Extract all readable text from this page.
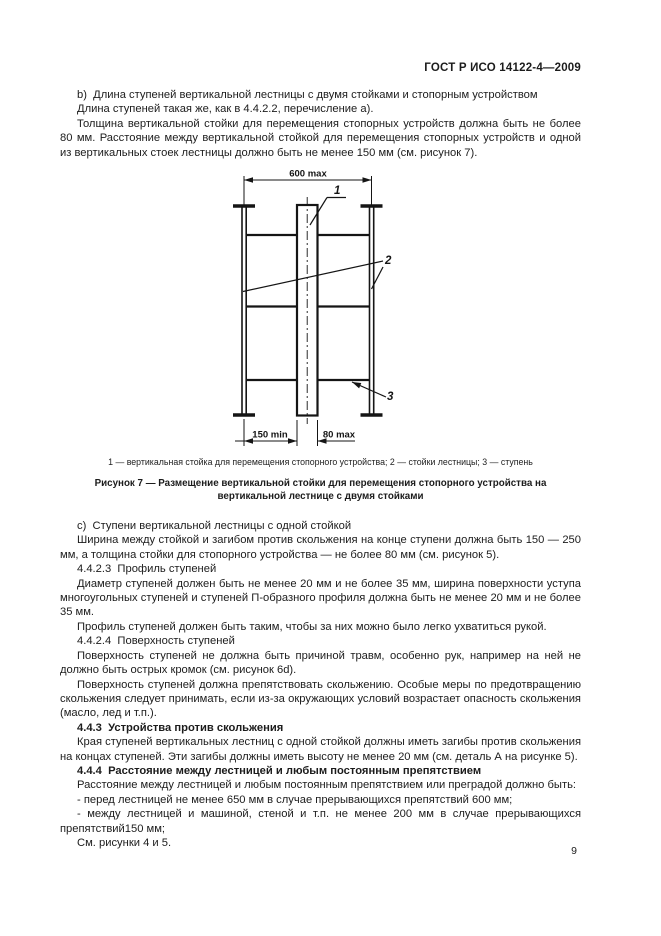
ГОСТ Р ИСО 14122-4—2009

b)  Длина ступеней вертикальной лестницы с двумя стойками и стопорным устройством

Длина ступеней такая же, как в 4.4.2.2, перечисление а).

Толщина вертикальной стойки для перемещения стопорных устройств должна быть не более 80 мм. Расстояние между вертикальной стойкой для перемещения стопорных устройств и одной из вертикальных стоек лестницы должно быть не менее 150 мм (см. рисунок 7).

600 max
150 min	80 max
1
2
3
1 — вертикальная стойка для перемещения стопорного устройства; 2 — стойки лестницы; 3 — ступень
Рисунок 7 — Размещение вертикальной стойки для перемещения стопорного устройства на вертикальной лестнице с двумя стойками

c)  Ступени вертикальной лестницы с одной стойкой

Ширина между стойкой и загибом против скольжения на конце ступени должна быть 150 — 250 мм, а толщина стойки для стопорного устройства — не более 80 мм (см. рисунок 5).

4.4.2.3  Профиль ступеней

Диаметр ступеней должен быть не менее 20 мм и не более 35 мм, ширина поверхности уступа многоугольных ступеней и ступеней П-образного профиля должна быть не менее 20 мм и не более 35 мм.

Профиль ступеней должен быть таким, чтобы за них можно было легко ухватиться рукой.

4.4.2.4  Поверхность ступеней

Поверхность ступеней не должна быть причиной травм, особенно рук, например на ней не должно быть острых кромок (см. рисунок 6d).

Поверхность ступеней должна препятствовать скольжению. Особые меры по предотвращению скольжения следует принимать, если из-за окружающих условий возрастает опасность скольжения (масло, лед и т.п.).

4.4.3  Устройства против скольжения

Края ступеней вертикальных лестниц с одной стойкой должны иметь загибы против скольжения на концах ступеней. Эти загибы должны иметь высоту не менее 20 мм (см. деталь А на рисунке 5).

4.4.4  Расстояние между лестницей и любым постоянным препятствием

Расстояние между лестницей и любым постоянным препятствием или преградой должно быть:

- перед лестницей не менее 650 мм в случае прерывающихся препятствий 600 мм;

- между лестницей и машиной, стеной и т.п. не менее 200 мм в случае прерывающихся препятствий150 мм;

См. рисунки 4 и 5.

9
